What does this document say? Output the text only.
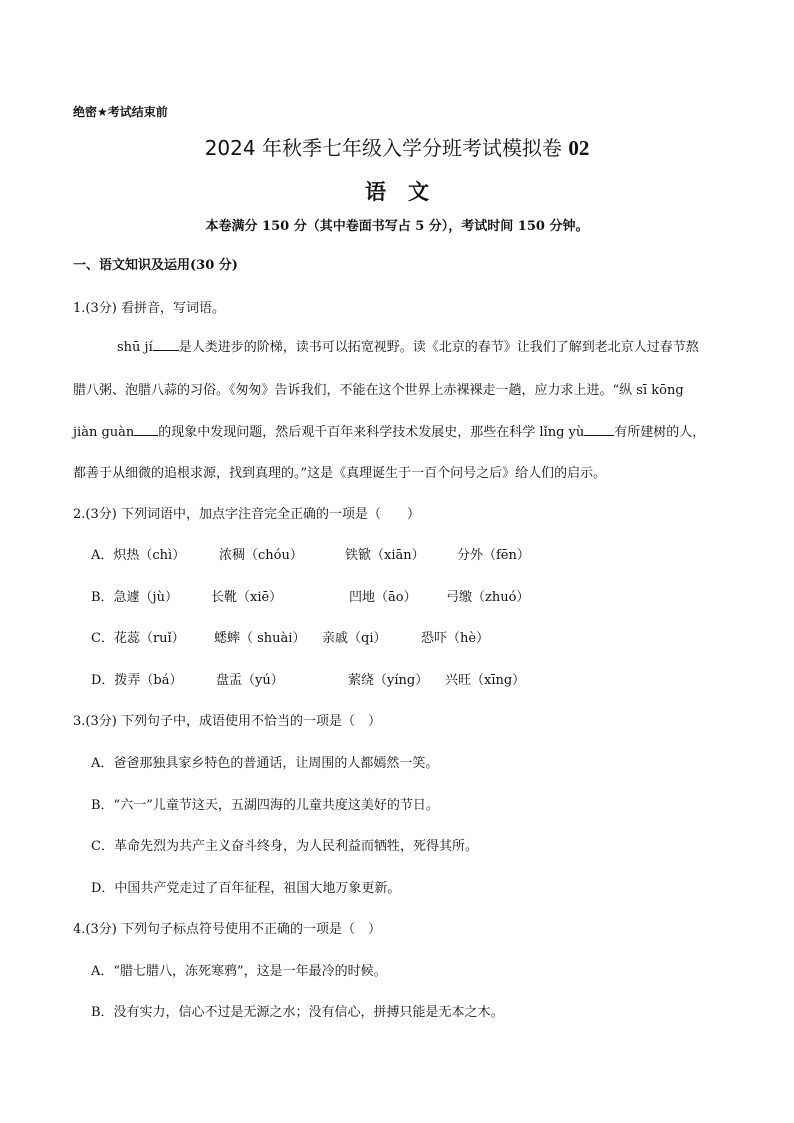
绝密★考试结束前
2024 年秋季七年级入学分班考试模拟卷 02
语文
本卷满分 150 分（其中卷面书写占 5 分），考试时间 150 分钟。
一、语文知识及运用(30 分)
1.(3分) 看拼音，写词语。
shū jí 是人类进步的阶梯，读书可以拓宽视野。读《北京的春节》让我们了解到老北京人过春节熬
腊八粥、泡腊八蒜的习俗。《匆匆》告诉我们，不能在这个世界上赤裸裸走一趟，应力求上进。“纵 sī kōng
jiàn guàn 的现象中发现问题，然后观千百年来科学技术发展史，那些在科学 lǐng yù 有所建树的人，
都善于从细微的追根求源，找到真理的。”这是《真理诞生于一百个问号之后》给人们的启示。
2.(3分) 下列词语中，加点字注音完全正确的一项是（　　）
A．炽热（chì）	浓稠（chóu）	铁锨（xiān） 分外（fēn）
B．急遽（jù）	长靴（xiē）	凹地（āo） 弓缴（zhuó）
C．花蕊（ruǐ） 蟋蟀（ shuài） 亲戚（qi）	恐吓（hè）
D．拨弄（bá）	盘盂（yú）	萦绕（yíng） 兴旺（xīng）
3.(3分) 下列句子中，成语使用不恰当的一项是（　）
A．爸爸那独具家乡特色的普通话，让周围的人都嫣然一笑。
B．“六一”儿童节这天，五湖四海的儿童共度这美好的节日。
C．革命先烈为共产主义奋斗终身，为人民利益而牺牲，死得其所。
D．中国共产党走过了百年征程，祖国大地万象更新。
4.(3分) 下列句子标点符号使用不正确的一项是（　）
A．“腊七腊八，冻死寒鸦”，这是一年最冷的时候。
B．没有实力，信心不过是无源之水；没有信心，拼搏只能是无本之木。
